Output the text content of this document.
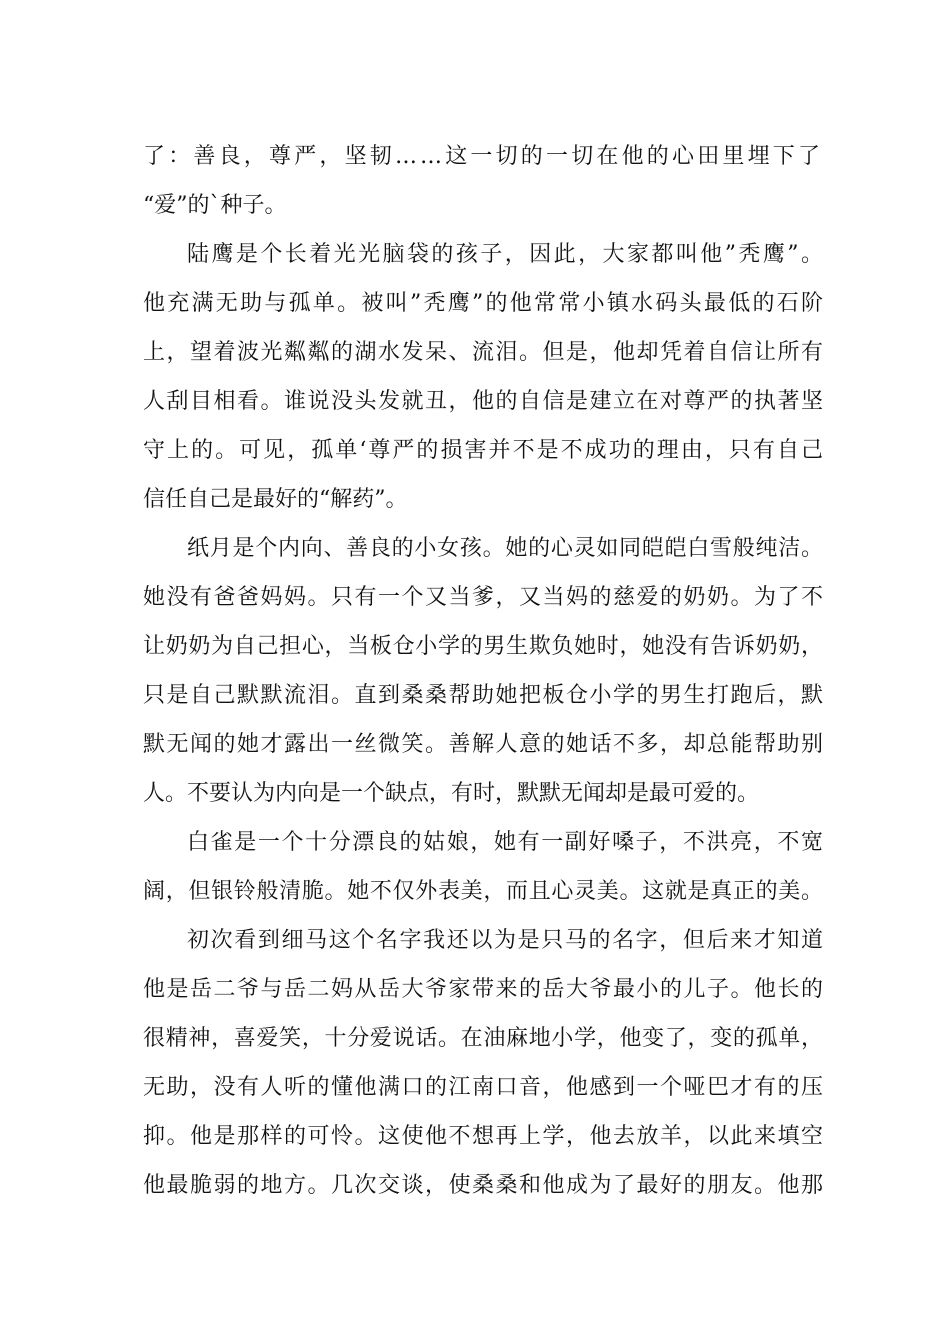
了：善良，尊严，坚韧……这一切的一切在他的心田里埋下了
“爱”的`种子。
陆鹰是个长着光光脑袋的孩子，因此，大家都叫他”秃鹰”。
他充满无助与孤单。被叫”秃鹰”的他常常小镇水码头最低的石阶
上，望着波光粼粼的湖水发呆、流泪。但是，他却凭着自信让所有
人刮目相看。谁说没头发就丑，他的自信是建立在对尊严的执著坚
守上的。可见，孤单‘尊严的损害并不是不成功的理由，只有自己
信任自己是最好的“解药”。
纸月是个内向、善良的小女孩。她的心灵如同皑皑白雪般纯洁。
她没有爸爸妈妈。只有一个又当爹，又当妈的慈爱的奶奶。为了不
让奶奶为自己担心，当板仓小学的男生欺负她时，她没有告诉奶奶，
只是自己默默流泪。直到桑桑帮助她把板仓小学的男生打跑后，默
默无闻的她才露出一丝微笑。善解人意的她话不多，却总能帮助别
人。不要认为内向是一个缺点，有时，默默无闻却是最可爱的。
白雀是一个十分漂良的姑娘，她有一副好嗓子，不洪亮，不宽
阔，但银铃般清脆。她不仅外表美，而且心灵美。这就是真正的美。
初次看到细马这个名字我还以为是只马的名字，但后来才知道
他是岳二爷与岳二妈从岳大爷家带来的岳大爷最小的儿子。他长的
很精神，喜爱笑，十分爱说话。在油麻地小学，他变了，变的孤单，
无助，没有人听的懂他满口的江南口音，他感到一个哑巴才有的压
抑。他是那样的可怜。这使他不想再上学，他去放羊，以此来填空
他最脆弱的地方。几次交谈，使桑桑和他成为了最好的朋友。他那
